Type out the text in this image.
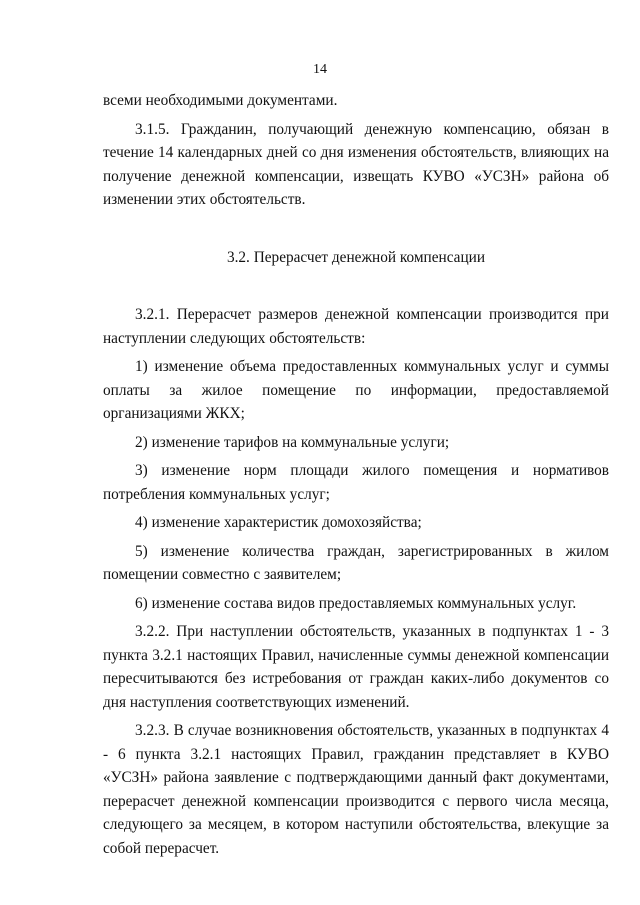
14

всеми необходимыми документами.

3.1.5. Гражданин, получающий денежную компенсацию, обязан в течение 14 календарных дней со дня изменения обстоятельств, влияющих на получение денежной компенсации, извещать КУВО «УСЗН» района об изменении этих обстоятельств.

3.2. Перерасчет денежной компенсации

3.2.1. Перерасчет размеров денежной компенсации производится при наступлении следующих обстоятельств:

1) изменение объема предоставленных коммунальных услуг и суммы оплаты за жилое помещение по информации, предоставляемой организациями ЖКХ;

2) изменение тарифов на коммунальные услуги;

3) изменение норм площади жилого помещения и нормативов потребления коммунальных услуг;

4) изменение характеристик домохозяйства;

5) изменение количества граждан, зарегистрированных в жилом помещении совместно с заявителем;

6) изменение состава видов предоставляемых коммунальных услуг.

3.2.2. При наступлении обстоятельств, указанных в подпунктах 1 - 3 пункта 3.2.1 настоящих Правил, начисленные суммы денежной компенсации пересчитываются без истребования от граждан каких-либо документов со дня наступления соответствующих изменений.

3.2.3. В случае возникновения обстоятельств, указанных в подпунктах 4 - 6 пункта 3.2.1 настоящих Правил, гражданин представляет в КУВО «УСЗН» района заявление с подтверждающими данный факт документами, перерасчет денежной компенсации производится с первого числа месяца, следующего за месяцем, в котором наступили обстоятельства, влекущие за собой перерасчет.
